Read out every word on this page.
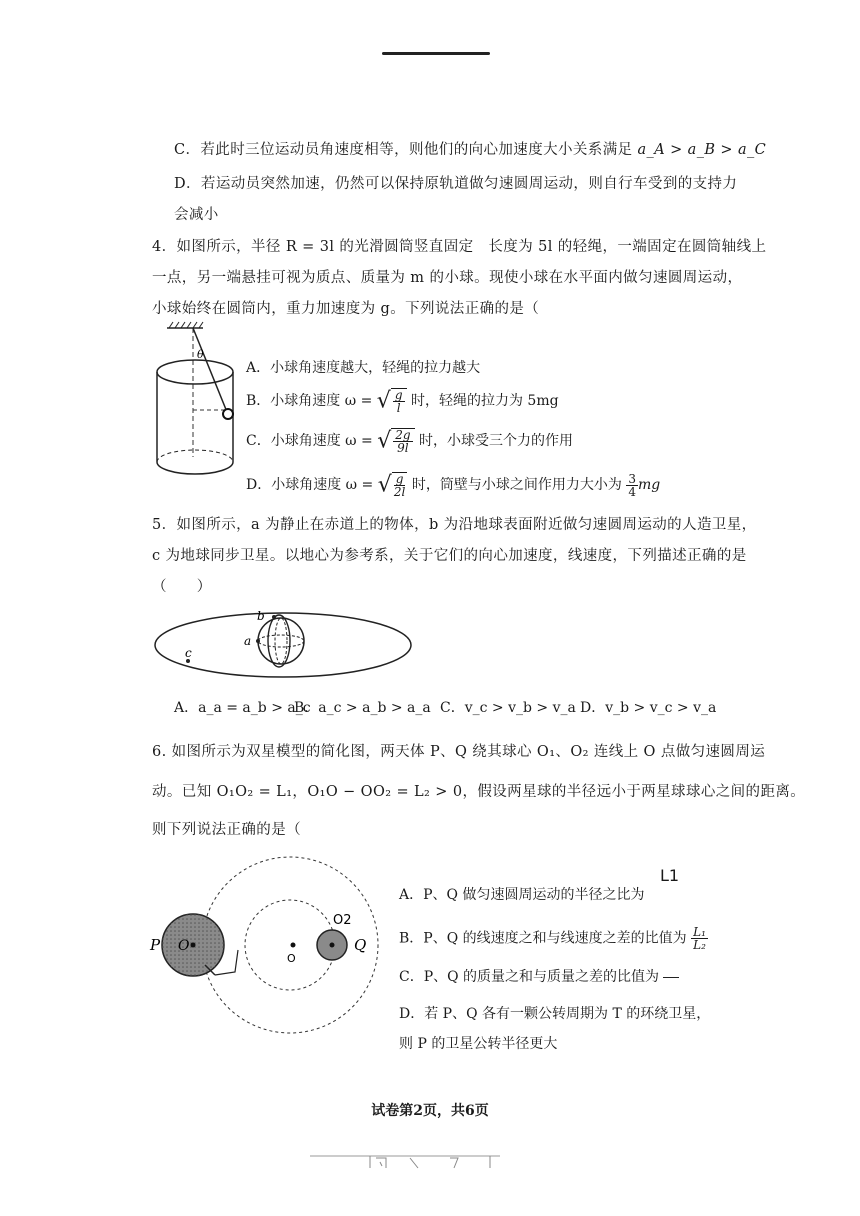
C．若此时三位运动员角速度相等，则他们的向心加速度大小关系满足 a_A > a_B > a_C
D．若运动员突然加速，仍然可以保持原轨道做匀速圆周运动，则自行车受到的支持力
会减小
4．如图所示，半径 R = 3l 的光滑圆筒竖直固定　长度为 5l 的轻绳，一端固定在圆筒轴线上
一点，另一端悬挂可视为质点、质量为 m 的小球。现使小球在水平面内做匀速圆周运动，
小球始终在圆筒内，重力加速度为 g。下列说法正确的是（
θ
A．小球角速度越大，轻绳的拉力越大
B．小球角速度 ω = √ $\frac{g}{l}$ 时，轻绳的拉力为 5mg
C．小球角速度 ω = √ $\frac{2g}{9l}$ 时，小球受三个力的作用
D．小球角速度 ω = √ $\frac{g}{2l}$ 时，筒壁与小球之间作用力大小为 $\frac{3}{4}$ mg
5．如图所示，a 为静止在赤道上的物体，b 为沿地球表面附近做匀速圆周运动的人造卫星，
c 为地球同步卫星。以地心为参考系，关于它们的向心加速度，线速度，下列描述正确的是
（　　）
a
b
c
A．a_a = a_b > a_c
B．a_c > a_b > a_a C．v_c > v_b > v_a D．v_b > v_c > v_a
6. 如图所示为双星模型的简化图，两天体 P、Q 绕其球心 O₁、O₂ 连线上 O 点做匀速圆周运
动。已知 O₁O₂ = L₁，O₁O − OO₂ = L₂ > 0，假设两星球的半径远小于两星球球心之间的距离。
则下列说法正确的是（
P O
O
O2
Q
A．P、Q 做匀速圆周运动的半径之比为
L1
B．P、Q 的线速度之和与线速度之差的比值为 $\frac{\text{L₁}}{\text{L₂}}$
C．P、Q 的质量之和与质量之差的比值为
D．若 P、Q 各有一颗公转周期为 T 的环绕卫星，
则 P 的卫星公转半径更大
试卷第2页，共6页
